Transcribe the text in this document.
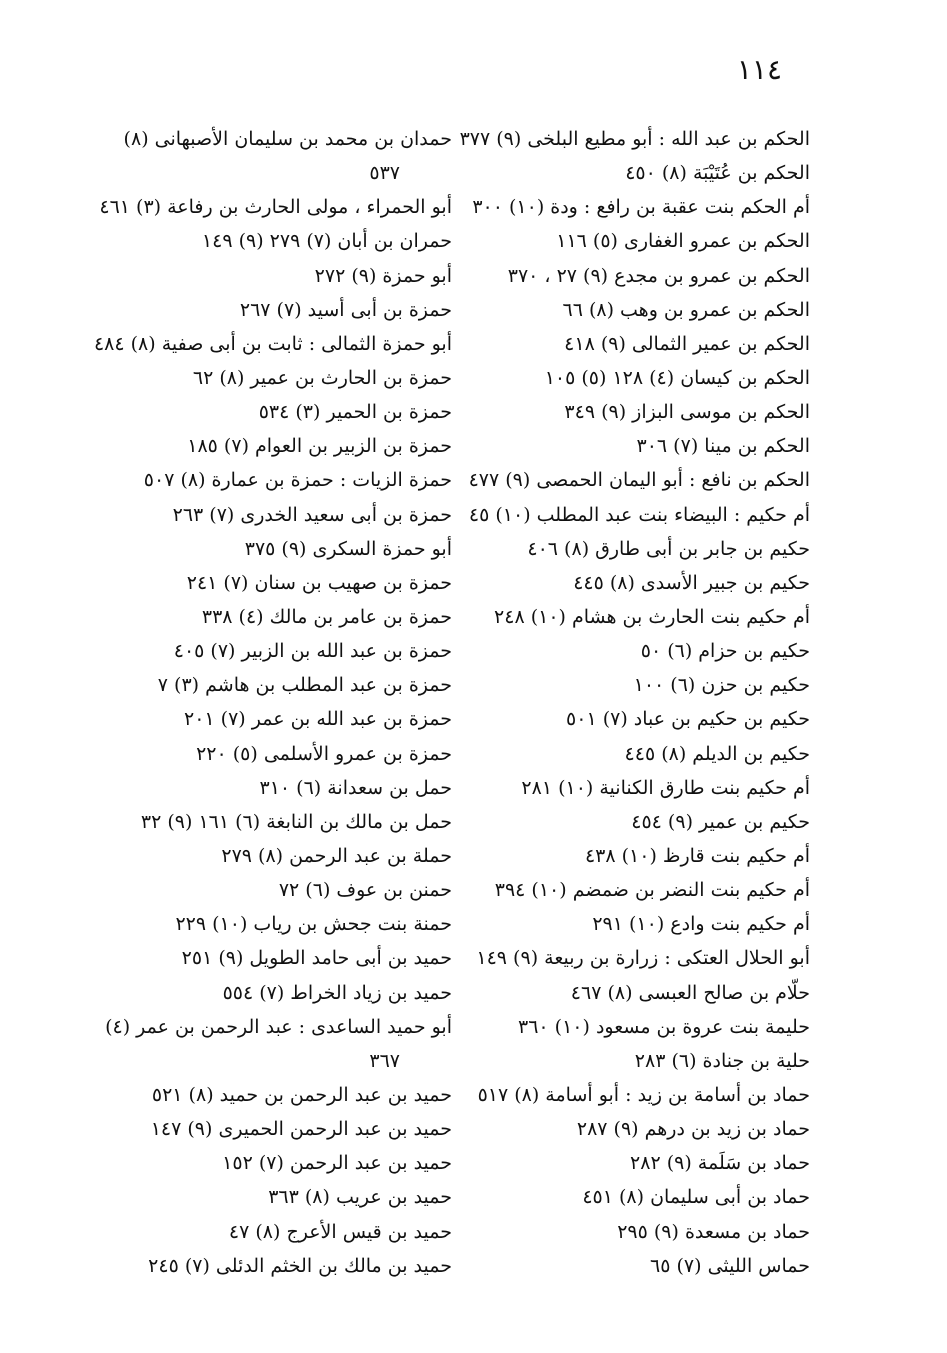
١١٤
الحكم بن عبد الله : أبو مطيع البلخى (٩) ٣٧٧
الحكم بن عُتَيْبَة (٨) ٤٥٠
أم الحكم بنت عقبة بن رافع : ودة (١٠) ٣٠٠
الحكم بن عمرو الغفارى (٥) ١١٦
الحكم بن عمرو بن مجدع (٩) ٢٧ ، ٣٧٠
الحكم بن عمرو بن وهب (٨) ٦٦
الحكم بن عمير الثمالى (٩) ٤١٨
الحكم بن كيسان (٤) ١٢٨ (٥) ١٠٥
الحكم بن موسى البزاز (٩) ٣٤٩
الحكم بن مينا (٧) ٣٠٦
الحكم بن نافع : أبو اليمان الحمصى (٩) ٤٧٧
أم حكيم : البيضاء بنت عبد المطلب (١٠) ٤٥
حكيم بن جابر بن أبى طارق (٨) ٤٠٦
حكيم بن جبير الأسدى (٨) ٤٤٥
أم حكيم بنت الحارث بن هشام (١٠) ٢٤٨
حكيم بن حزام (٦) ٥٠
حكيم بن حزن (٦) ١٠٠
حكيم بن حكيم بن عباد (٧) ٥٠١
حكيم بن الديلم (٨) ٤٤٥
أم حكيم بنت طارق الكنانية (١٠) ٢٨١
حكيم بن عمير (٩) ٤٥٤
أم حكيم بنت قارظ (١٠) ٤٣٨
أم حكيم بنت النضر بن ضمضم (١٠) ٣٩٤
أم حكيم بنت وادع (١٠) ٢٩١
أبو الحلال العتكى : زرارة بن ربيعة (٩) ١٤٩
حلّام بن صالح العبسى (٨) ٤٦٧
حليمة بنت عروة بن مسعود (١٠) ٣٦٠
حلية بن جنادة (٦) ٢٨٣
حماد بن أسامة بن زيد : أبو أسامة (٨) ٥١٧
حماد بن زيد بن درهم (٩) ٢٨٧
حماد بن سَلَمة (٩) ٢٨٢
حماد بن أبى سليمان (٨) ٤٥١
حماد بن مسعدة (٩) ٢٩٥
حماس الليثى (٧) ٦٥
حمدان بن محمد بن سليمان الأصبهانى (٨)
٥٣٧
أبو الحمراء ، مولى الحارث بن رفاعة (٣) ٤٦١
حمران بن أبان (٧) ٢٧٩ (٩) ١٤٩
أبو حمزة (٩) ٢٧٢
حمزة بن أبى أسيد (٧) ٢٦٧
أبو حمزة الثمالى : ثابت بن أبى صفية (٨) ٤٨٤
حمزة بن الحارث بن عمير (٨) ٦٢
حمزة بن الحمير (٣) ٥٣٤
حمزة بن الزبير بن العوام (٧) ١٨٥
حمزة الزيات : حمزة بن عمارة (٨) ٥٠٧
حمزة بن أبى سعيد الخدرى (٧) ٢٦٣
أبو حمزة السكرى (٩) ٣٧٥
حمزة بن صهيب بن سنان (٧) ٢٤١
حمزة بن عامر بن مالك (٤) ٣٣٨
حمزة بن عبد الله بن الزبير (٧) ٤٠٥
حمزة بن عبد المطلب بن هاشم (٣) ٧
حمزة بن عبد الله بن عمر (٧) ٢٠١
حمزة بن عمرو الأسلمى (٥) ٢٢٠
حمل بن سعدانة (٦) ٣١٠
حمل بن مالك بن النابغة (٦) ١٦١ (٩) ٣٢
حملة بن عبد الرحمن (٨) ٢٧٩
حمنن بن عوف (٦) ٧٢
حمنة بنت جحش بن رياب (١٠) ٢٢٩
حميد بن أبى حامد الطويل (٩) ٢٥١
حميد بن زياد الخراط (٧) ٥٥٤
أبو حميد الساعدى : عبد الرحمن بن عمر (٤)
٣٦٧
حميد بن عبد الرحمن بن حميد (٨) ٥٢١
حميد بن عبد الرحمن الحميرى (٩) ١٤٧
حميد بن عبد الرحمن (٧) ١٥٢
حميد بن عريب (٨) ٣٦٣
حميد بن قيس الأعرج (٨) ٤٧
حميد بن مالك بن الخثم الدئلى (٧) ٢٤٥
